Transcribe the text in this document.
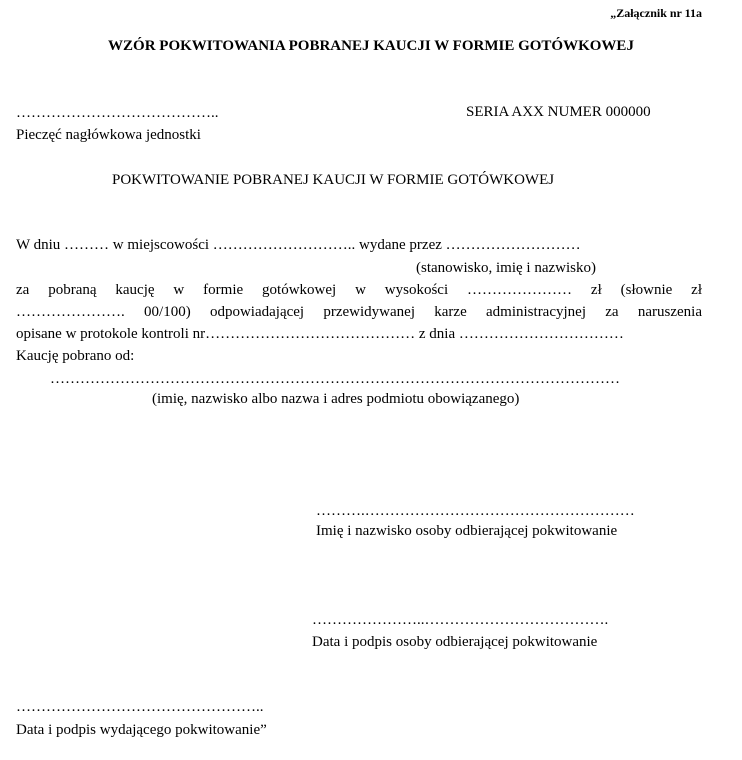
„Załącznik nr 11a
WZÓR POKWITOWANIA POBRANEJ KAUCJI W FORMIE GOTÓWKOWEJ
…………………………………..	SERIA AXX NUMER 000000
Pieczęć nagłówkowa jednostki
POKWITOWANIE POBRANEJ KAUCJI W FORMIE GOTÓWKOWEJ
W dniu ……… w miejscowości ……………………….. wydane przez ………………………
(stanowisko, imię i nazwisko)
za pobraną kaucję w formie gotówkowej w wysokości ………………… zł (słownie zł
…………………. 00/100) odpowiadającej przewidywanej karze administracyjnej za naruszenia
opisane w protokole kontroli nr…………………………………… z dnia ……………………………
Kaucję pobrano od:
……………………………………………………………………………………………………
(imię, nazwisko albo nazwa i adres podmiotu obowiązanego)
……….………………………………………………
Imię i nazwisko osoby odbierającej pokwitowanie
…………………..……………………………….
Data i podpis osoby odbierającej pokwitowanie
…………………………………………..
Data i podpis wydającego pokwitowanie”
